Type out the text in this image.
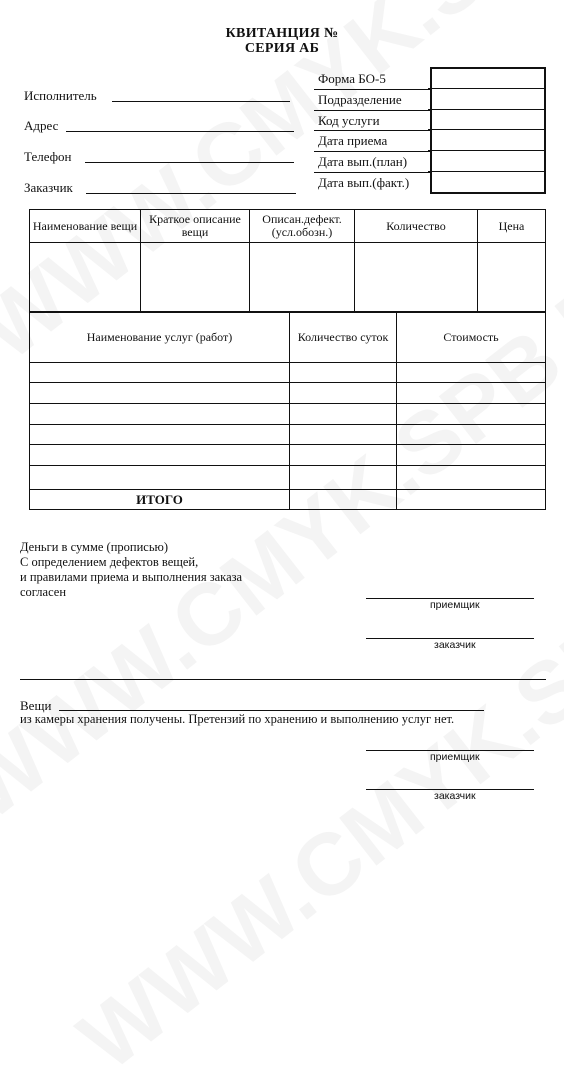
КВИТАНЦИЯ №
СЕРИЯ АБ
Исполнитель
Адрес
Телефон
Заказчик
Форма БО-5	
Подразделение
Код услуги
Дата приема
Дата вып.(план)
Дата вып.(факт.)
Наименование вещи	Краткое описание вещи	Описан.дефект. (усл.обозн.)	Количество	Цена

Наименование услуг (работ)	Количество суток	Стоимость

ИТОГО		
Деньги в сумме (прописью)
С определением дефектов вещей,
и правилами приема и выполнения заказа
согласен
приемщик
заказчик
Вещи
из камеры хранения получены. Претензий по хранению и выполнению услуг нет.
приемщик
заказчик
